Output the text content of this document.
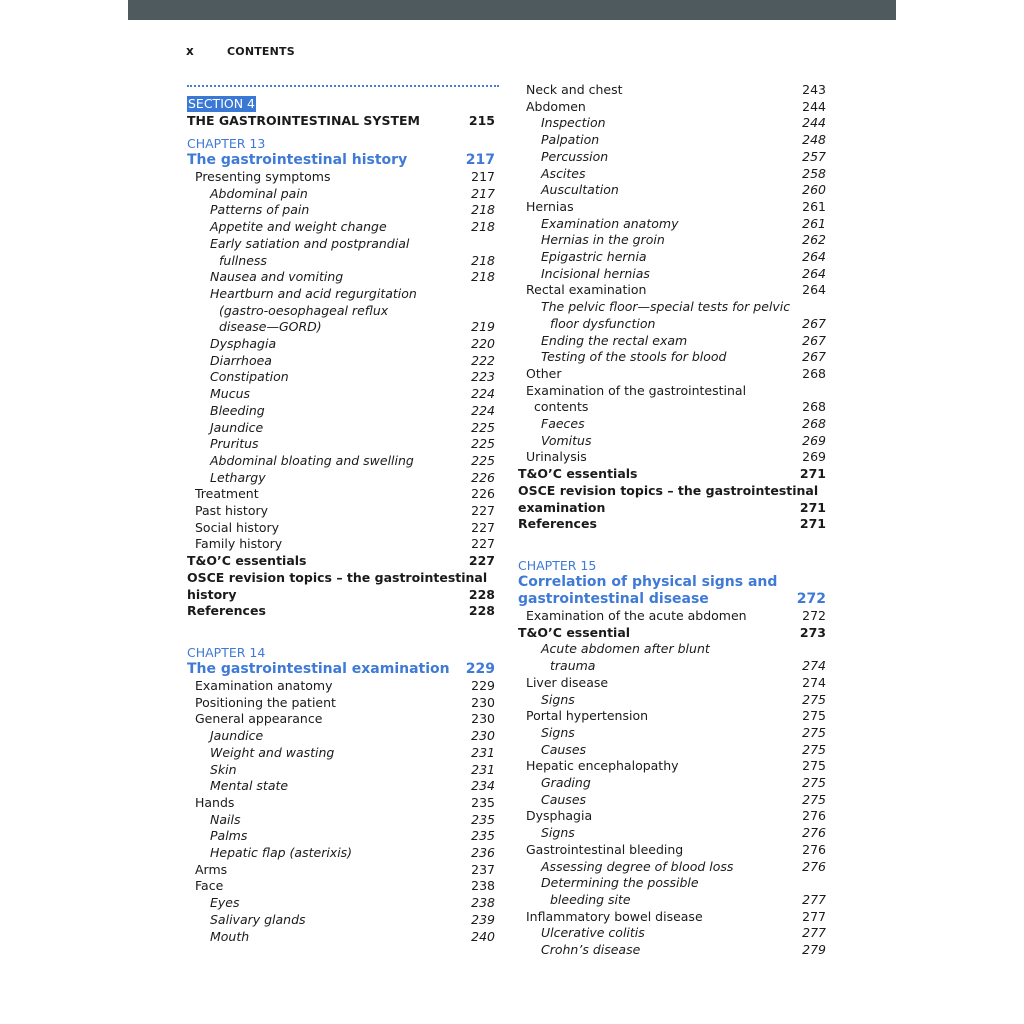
x	CONTENTS
SECTION 4
THE GASTROINTESTINAL SYSTEM	215
CHAPTER 13
The gastrointestinal history	217
Presenting symptoms	217
Abdominal pain	217
Patterns of pain	218
Appetite and weight change	218
Early satiation and postprandial
fullness	218
Nausea and vomiting	218
Heartburn and acid regurgitation
(gastro-oesophageal reflux
disease—GORD)	219
Dysphagia	220
Diarrhoea	222
Constipation	223
Mucus	224
Bleeding	224
Jaundice	225
Pruritus	225
Abdominal bloating and swelling	225
Lethargy	226
Treatment	226
Past history	227
Social history	227
Family history	227
T&O’C essentials	227
OSCE revision topics – the gastrointestinal
history	228
References	228
CHAPTER 14
The gastrointestinal examination	229
Examination anatomy	229
Positioning the patient	230
General appearance	230
Jaundice	230
Weight and wasting	231
Skin	231
Mental state	234
Hands	235
Nails	235
Palms	235
Hepatic flap (asterixis)	236
Arms	237
Face	238
Eyes	238
Salivary glands	239
Mouth	240
Neck and chest	243
Abdomen	244
Inspection	244
Palpation	248
Percussion	257
Ascites	258
Auscultation	260
Hernias	261
Examination anatomy	261
Hernias in the groin	262
Epigastric hernia	264
Incisional hernias	264
Rectal examination	264
The pelvic floor—special tests for pelvic
floor dysfunction	267
Ending the rectal exam	267
Testing of the stools for blood	267
Other	268
Examination of the gastrointestinal
contents	268
Faeces	268
Vomitus	269
Urinalysis	269
T&O’C essentials	271
OSCE revision topics – the gastrointestinal
examination	271
References	271
CHAPTER 15
Correlation of physical signs and
gastrointestinal disease	272
Examination of the acute abdomen	272
T&O’C essential	273
Acute abdomen after blunt
trauma	274
Liver disease	274
Signs	275
Portal hypertension	275
Signs	275
Causes	275
Hepatic encephalopathy	275
Grading	275
Causes	275
Dysphagia	276
Signs	276
Gastrointestinal bleeding	276
Assessing degree of blood loss	276
Determining the possible
bleeding site	277
Inflammatory bowel disease	277
Ulcerative colitis	277
Crohn’s disease	279
